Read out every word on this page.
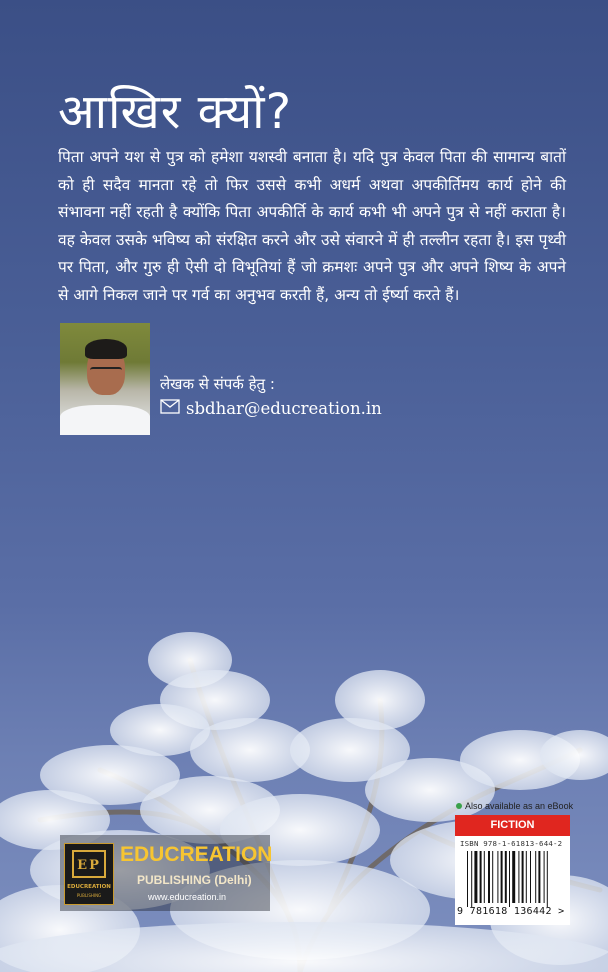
आखिर क्यों?

पिता अपने यश से पुत्र को हमेशा यशस्वी बनाता है। यदि पुत्र केवल पिता की सामान्य बातों को ही सदैव मानता रहे तो फिर उससे कभी अधर्म अथवा अपकीर्तिमय कार्य होने की संभावना नहीं रहती है क्योंकि पिता अपकीर्ति के कार्य कभी भी अपने पुत्र से नहीं कराता है। वह केवल उसके भविष्य को संरक्षित करने और उसे संवारने में ही तल्लीन रहता है। इस पृथ्वी पर पिता, और गुरु ही ऐसी दो विभूतियां हैं जो क्रमशः अपने पुत्र और अपने शिष्य के अपने से आगे निकल जाने पर गर्व का अनुभव करती हैं, अन्य तो ईर्ष्या करते हैं।

लेखक से संपर्क हेतु :
sbdhar@educreation.in
EP
EDUCREATION
PUBLISHING
EDUCREATION
PUBLISHING (Delhi)
www.educreation.in
Also available as an eBook
FICTION
ISBN 978-1-61813-644-2
9 781618 136442 >
